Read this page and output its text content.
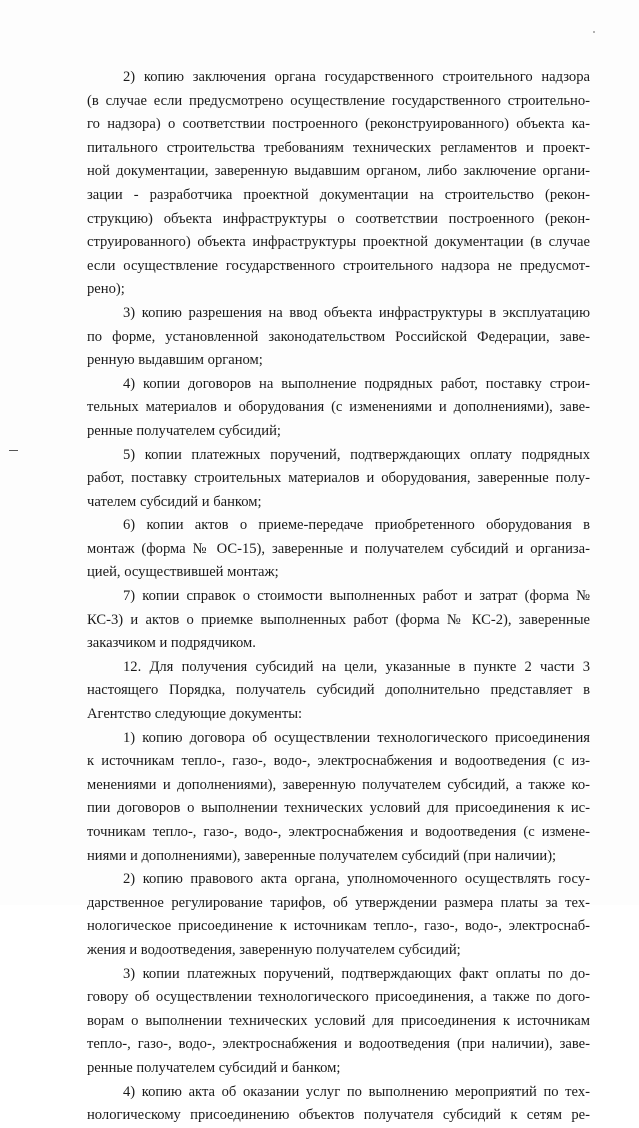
2) копию заключения органа государственного строительного надзора
(в случае если предусмотрено осуществление государственного строительно-
го надзора) о соответствии построенного (реконструированного) объекта ка-
питального строительства требованиям технических регламентов и проект-
ной документации, заверенную выдавшим органом, либо заключение органи-
зации - разработчика проектной документации на строительство (рекон-
струкцию) объекта инфраструктуры о соответствии построенного (рекон-
струированного) объекта инфраструктуры проектной документации (в случае
если осуществление государственного строительного надзора не предусмот-
рено);
3) копию разрешения на ввод объекта инфраструктуры в эксплуатацию
по форме, установленной законодательством Российской Федерации, заве-
ренную выдавшим органом;
4) копии договоров на выполнение подрядных работ, поставку строи-
тельных материалов и оборудования (с изменениями и дополнениями), заве-
ренные получателем субсидий;
5) копии платежных поручений, подтверждающих оплату подрядных
работ, поставку строительных материалов и оборудования, заверенные полу-
чателем субсидий и банком;
6) копии актов о приеме-передаче приобретенного оборудования в
монтаж (форма № ОС-15), заверенные и получателем субсидий и организа-
цией, осуществившей монтаж;
7) копии справок о стоимости выполненных работ и затрат (форма №
КС-3) и актов о приемке выполненных работ (форма № КС-2), заверенные
заказчиком и подрядчиком.
12. Для получения субсидий на цели, указанные в пункте 2 части 3
настоящего Порядка, получатель субсидий дополнительно представляет в
Агентство следующие документы:
1) копию договора об осуществлении технологического присоединения
к источникам тепло-, газо-, водо-, электроснабжения и водоотведения (с из-
менениями и дополнениями), заверенную получателем субсидий, а также ко-
пии договоров о выполнении технических условий для присоединения к ис-
точникам тепло-, газо-, водо-, электроснабжения и водоотведения (с измене-
ниями и дополнениями), заверенные получателем субсидий (при наличии);
2) копию правового акта органа, уполномоченного осуществлять госу-
дарственное регулирование тарифов, об утверждении размера платы за тех-
нологическое присоединение к источникам тепло-, газо-, водо-, электроснаб-
жения и водоотведения, заверенную получателем субсидий;
3) копии платежных поручений, подтверждающих факт оплаты по до-
говору об осуществлении технологического присоединения, а также по дого-
ворам о выполнении технических условий для присоединения к источникам
тепло-, газо-, водо-, электроснабжения и водоотведения (при наличии), заве-
ренные получателем субсидий и банком;
4) копию акта об оказании услуг по выполнению мероприятий по тех-
нологическому присоединению объектов получателя субсидий к сетям ре-
